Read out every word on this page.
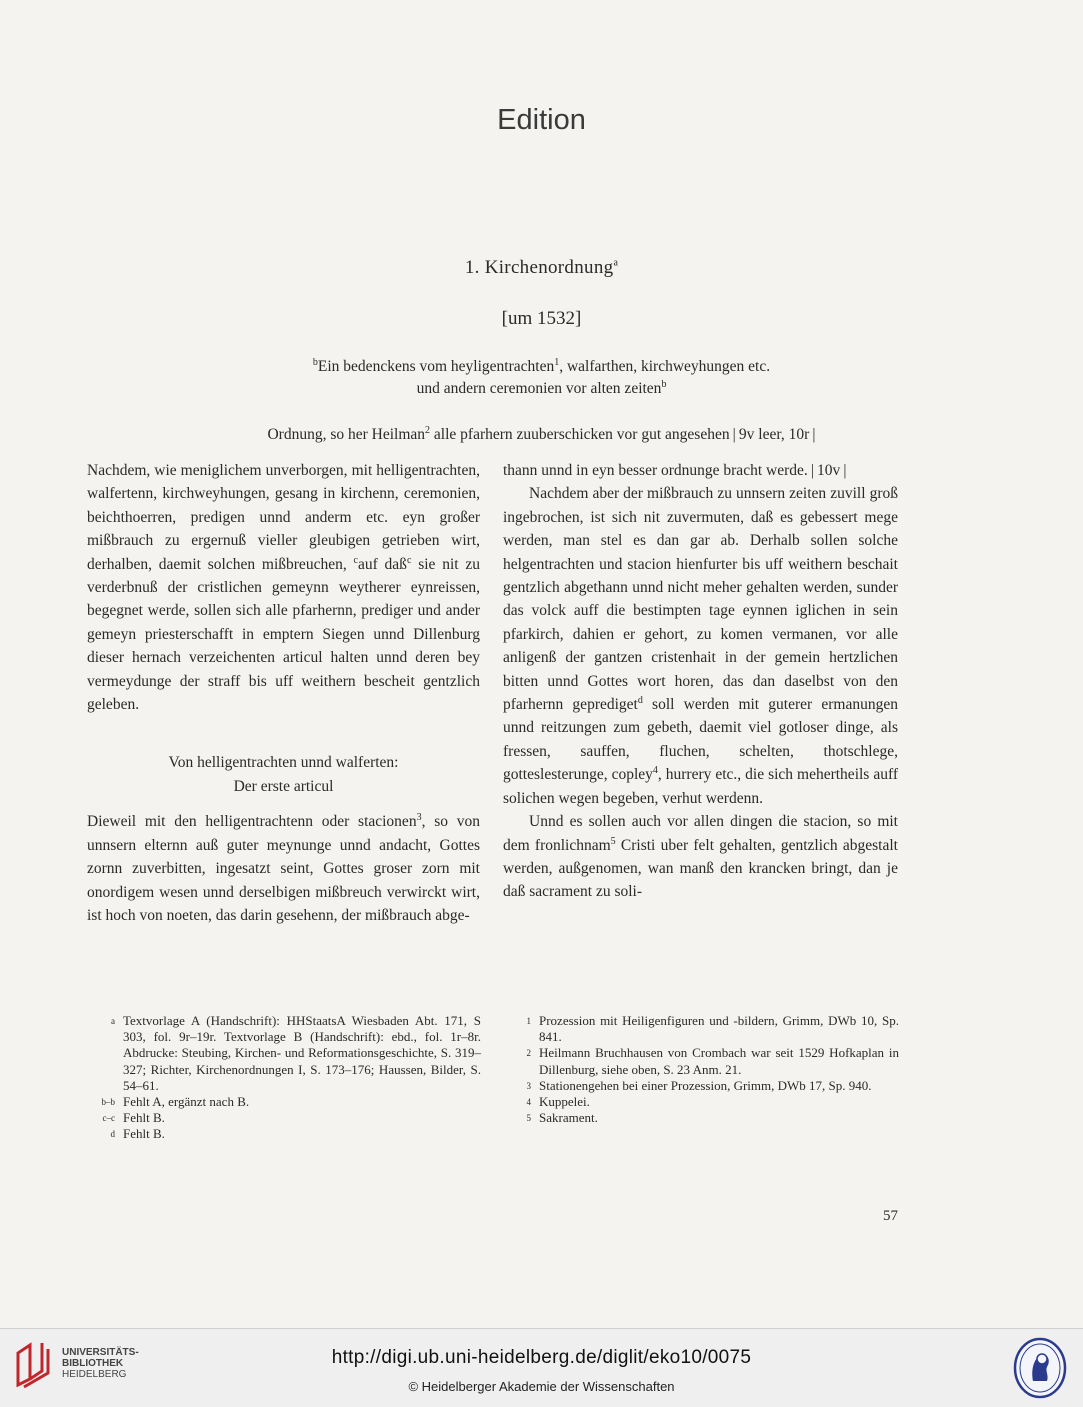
Edition
1. Kirchenordnung$^a$
[um 1532]
$^b$Ein bedenckens vom heyligentrachten$^1$, walfarthen, kirchweyhungen etc.
und andern ceremonien vor alten zeiten$^b$
Ordnung, so her Heilman$^2$ alle pfarhern zuuberschicken vor gut angesehen | 9v leer, 10r |

Nachdem, wie meniglichem unverborgen, mit helligentrachten, walfertenn, kirchweyhungen, gesang in kirchenn, ceremonien, beichthoerren, predigen unnd anderm etc. eyn großer mißbrauch zu ergernuß vieller gleubigen getrieben wirt, derhalben, daemit solchen mißbreuchen, $^c$auf daß$^c$ sie nit zu verderbnuß der cristlichen gemeynn weytherer eynreissen, begegnet werde, sollen sich alle pfarhernn, prediger und ander gemeyn priesterschafft in emptern Siegen unnd Dillenburg dieser hernach verzeichenten articul halten unnd deren bey vermeydunge der straff bis uff weithern bescheit gentzlich geleben.

Von helligentrachten unnd walferten:

Der erste articul

Dieweil mit den helligentrachtenn oder stacionen$^3$, so von unnsern elternn auß guter meynunge unnd andacht, Gottes zornn zuverbitten, ingesatzt seint, Gottes groser zorn mit onordigem wesen unnd derselbigen mißbreuch verwirckt wirt, ist hoch von noeten, das darin gesehenn, der mißbrauch abge-

thann unnd in eyn besser ordnunge bracht werde. | 10v |

Nachdem aber der mißbrauch zu unnsern zeiten zuvill groß ingebrochen, ist sich nit zuvermuten, daß es gebessert mege werden, man stel es dan gar ab. Derhalb sollen solche helgentrachten und stacion hienfurter bis uff weithern beschait gentzlich abgethann unnd nicht meher gehalten werden, sunder das volck auff die bestimpten tage eynnen iglichen in sein pfarkirch, dahien er gehort, zu komen vermanen, vor alle anligenß der gantzen cristenhait in der gemein hertzlichen bitten unnd Gottes wort horen, das dan daselbst von den pfarhernn geprediget$^d$ soll werden mit guterer ermanungen unnd reitzungen zum gebeth, daemit viel gotloser dinge, als fressen, sauffen, fluchen, schelten, thotschlege, gotteslesterunge, copley$^4$, hurrery etc., die sich mehertheils auff solichen wegen begeben, verhut werdenn.

Unnd es sollen auch vor allen dingen die stacion, so mit dem fronlichnam$^5$ Cristi uber felt gehalten, gentzlich abgestalt werden, außgenomen, wan manß den krancken bringt, dan je daß sacrament zu soli-

a Textvorlage A (Handschrift): HHStaatsA Wiesbaden Abt. 171, S 303, fol. 9r–19r. Textvorlage B (Handschrift): ebd., fol. 1r–8r. Abdrucke: Steubing, Kirchen- und Reformationsgeschichte, S. 319–327; Richter, Kirchenordnungen I, S. 173–176; Haussen, Bilder, S. 54–61.
b–b Fehlt A, ergänzt nach B.
c–c Fehlt B.
d Fehlt B.
1 Prozession mit Heiligenfiguren und -bildern, Grimm, DWb 10, Sp. 841.
2 Heilmann Bruchhausen von Crombach war seit 1529 Hofkaplan in Dillenburg, siehe oben, S. 23 Anm. 21.
3 Stationengehen bei einer Prozession, Grimm, DWb 17, Sp. 940.
4 Kuppelei.
5 Sakrament.
57
UNIVERSITÄTS-
BIBLIOTHEK
HEIDELBERG
http://digi.ub.uni-heidelberg.de/diglit/eko10/0075
© Heidelberger Akademie der Wissenschaften
